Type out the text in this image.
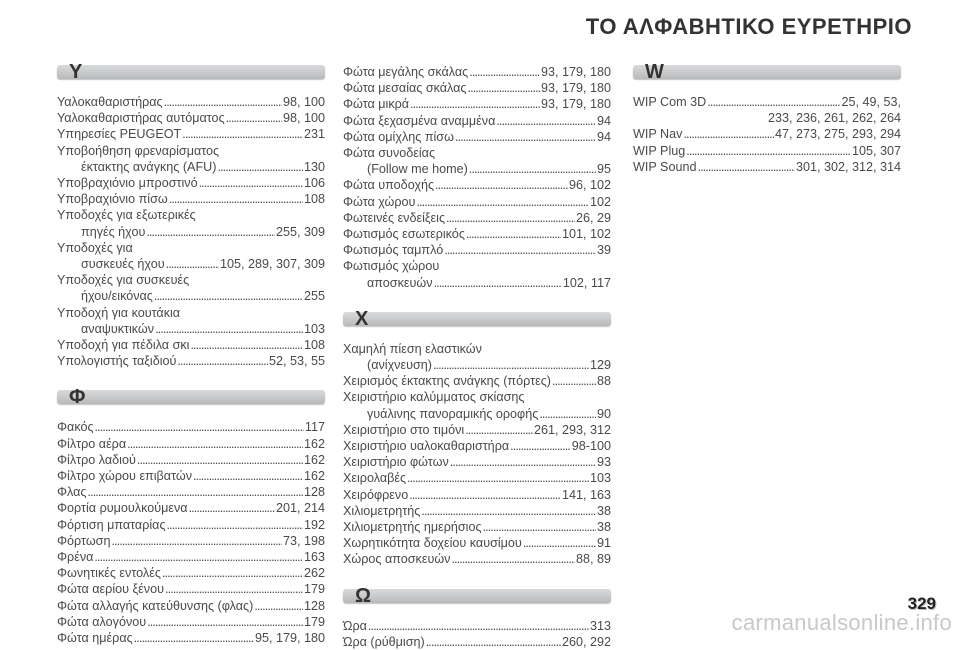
ΤΟ ΑΛΦΑΒΗΤΙΚΟ ΕΥΡΕΤΗΡΙΟ
Y
Υαλοκαθαριστήρας . . .	98, 100
Υαλοκαθαριστήρας αυτόματος . . .	98, 100
Υπηρεσίες PEUGEOT . . .	231
Υποβοήθηση φρεναρίσματος
έκτακτης ανάγκης (AFU) . . .	130
Υποβραχιόνιο μπροστινό . . .	106
Υποβραχιόνιο πίσω . . .	108
Υποδοχές για εξωτερικές
πηγές ήχου . . .	255, 309
Υποδοχές για
συσκευές ήχου . . .	105, 289, 307, 309
Υποδοχές για συσκευές
ήχου/εικόνας . . .	255
Υποδοχή για κουτάκια
αναψυκτικών . . .	103
Υποδοχή για πέδιλα σκι . . .	108
Υπολογιστής ταξιδιού . . .	52, 53, 55
Φ
Φακός . . .	117
Φίλτρο αέρα . . .	162
Φίλτρο λαδιού . . .	162
Φίλτρο χώρου επιβατών . . .	162
Φλας . . .	128
Φορτία ρυμουλκούμενα . . .	201, 214
Φόρτιση μπαταρίας . . .	192
Φόρτωση . . .	73, 198
Φρένα . . .	163
Φωνητικές εντολές . . .	262
Φώτα αερίου ξένου . . .	179
Φώτα αλλαγής κατεύθυνσης (φλας) . . .	128
Φώτα αλογόνου . . .	179
Φώτα ημέρας . . .	95, 179, 180
Φώτα μεγάλης σκάλας . . .	93, 179, 180
Φώτα μεσαίας σκάλας . . .	93, 179, 180
Φώτα μικρά . . .	93, 179, 180
Φώτα ξεχασμένα αναμμένα . . .	94
Φώτα ομίχλης πίσω . . .	94
Φώτα συνοδείας
(Follow me home) . . .	95
Φώτα υποδοχής . . .	96, 102
Φώτα χώρου . . .	102
Φωτεινές ενδείξεις . . .	26, 29
Φωτισμός εσωτερικός . . .	101, 102
Φωτισμός ταμπλό . . .	39
Φωτισμός χώρου
αποσκευών . . .	102, 117
Χ
Χαμηλή πίεση ελαστικών
(ανίχνευση) . . .	129
Χειρισμός έκτακτης ανάγκης (πόρτες) . . .	88
Χειριστήριο καλύμματος σκίασης
γυάλινης πανοραμικής οροφής . . .	90
Χειριστήριο στο τιμόνι . . .	261, 293, 312
Χειριστήριο υαλοκαθαριστήρα . . .	98-100
Χειριστήριο φώτων . . .	93
Χειρολαβές . . .	103
Χειρόφρενο . . .	141, 163
Χιλιομετρητής . . .	38
Χιλιομετρητής ημερήσιος . . .	38
Χωρητικότητα δοχείου καυσίμου . . .	91
Χώρος αποσκευών . . .	88, 89
Ω
Ώρα . . .	313
Ώρα (ρύθμιση) . . .	260, 292
W
WIP Com 3D . . .	25, 49, 53,
233, 236, 261, 262, 264
WIP Nav . . .	47, 273, 275, 293, 294
WIP Plug . . .	105, 307
WIP Sound . . .	301, 302, 312, 314
329
carmanualsonline.info
